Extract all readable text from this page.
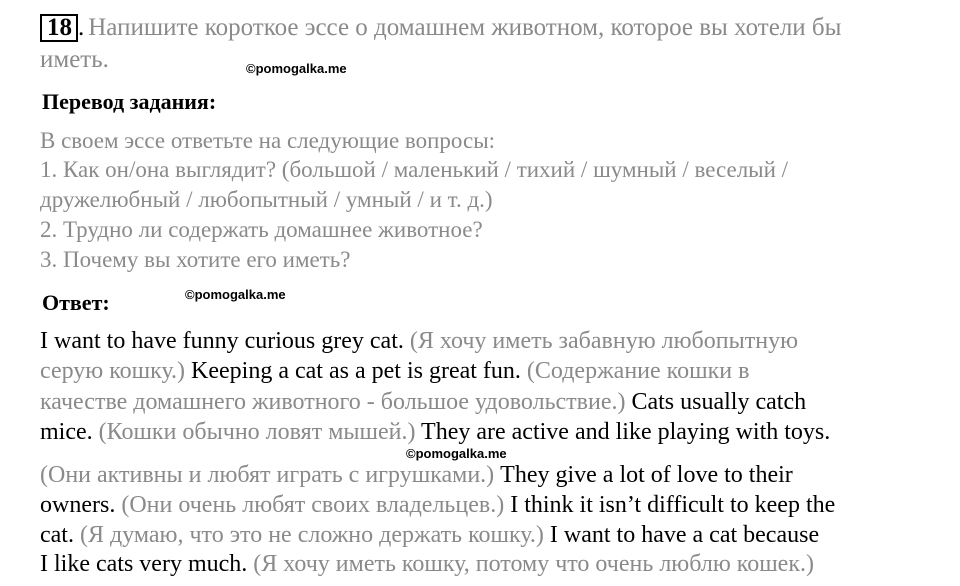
18 . Напишите короткое эссе о домашнем животном, которое вы хотели бы
иметь.	©pomogalka.me
Перевод задания:
В своем эссе ответьте на следующие вопросы:
1. Как он/она выглядит? (большой / маленький / тихий / шумный / веселый /
дружелюбный / любопытный / умный / и т. д.)
2. Трудно ли содержать домашнее животное?
3. Почему вы хотите его иметь?
Ответ:	©pomogalka.me
I want to have funny curious grey cat. (Я хочу иметь забавную любопытную
серую кошку.) Keeping a cat as a pet is great fun. (Содержание кошки в
качестве домашнего животного - большое удовольствие.) Cats usually catch
mice. (Кошки обычно ловят мышей.) They are active and like playing with toys.
©pomogalka.me
(Они активны и любят играть с игрушками.) They give a lot of love to their
owners. (Они очень любят своих владельцев.) I think it isn’t difficult to keep the
cat. (Я думаю, что это не сложно держать кошку.) I want to have a cat because
I like cats very much. (Я хочу иметь кошку, потому что очень люблю кошек.)
